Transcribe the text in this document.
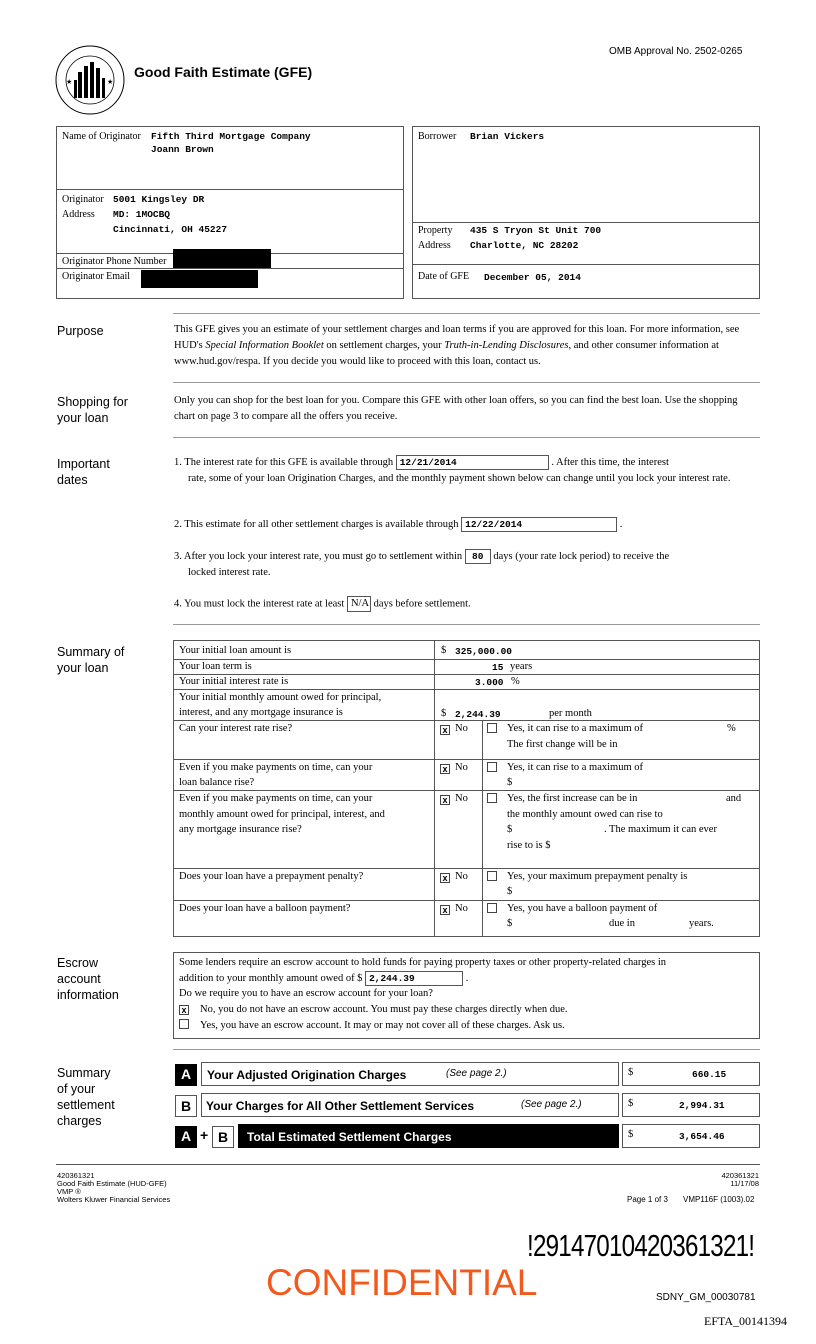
★	★
Good Faith Estimate (GFE)
OMB Approval No. 2502-0265
Name of Originator Fifth Third Mortgage Company
Joann Brown
Originator
Address
5001 Kingsley DR
MD: 1MOCBQ
Cincinnati, OH 45227
Originator Phone Number
Originator Email
Borrower Brian Vickers
Property
Address
435 S Tryon St Unit 700
Charlotte, NC 28202
Date of GFE December 05, 2014
Purpose	This GFE gives you an estimate of your settlement charges and loan terms if you are approved for this loan. For more information, see HUD's Special Information Booklet on settlement charges, your Truth-in-Lending Disclosures, and other consumer information at www.hud.gov/respa. If you decide you would like to proceed with this loan, contact us.
Shopping for
your loan
Only you can shop for the best loan for you. Compare this GFE with other loan offers, so you can find the best loan. Use the shopping chart on page 3 to compare all the offers you receive.
Important
dates
1. The interest rate for this GFE is available through 12/21/2014	. After this time, the interest
rate, some of your loan Origination Charges, and the monthly payment shown below can change until you lock your interest rate.
2. This estimate for all other settlement charges is available through 12/22/2014	.
3. After you lock your interest rate, you must go to settlement within 80 days (your rate lock period) to receive the
locked interest rate.
4. You must lock the interest rate at least N/A days before settlement.
Summary of
your loan
Your initial loan amount is	$ 325,000.00
Your loan term is	15 years
Your initial interest rate is	3.000 %
Your initial monthly amount owed for principal,
interest, and any mortgage insurance is	$ 2,244.39	per month
Can your interest rate rise?	x No	Yes, it can rise to a maximum of	%
The first change will be in
Even if you make payments on time, can your
loan balance rise?
x No	Yes, it can rise to a maximum of
$
Even if you make payments on time, can your
monthly amount owed for principal, interest, and
any mortgage insurance rise?
x No	Yes, the first increase can be in	and
the monthly amount owed can rise to
$	. The maximum it can ever
rise to is $
Does your loan have a prepayment penalty?	x No	Yes, your maximum prepayment penalty is
$
Does your loan have a balloon payment?	x No	Yes, you have a balloon payment of
$	due in	years.
Escrow
account
information
Some lenders require an escrow account to hold funds for paying property taxes or other property-related charges in
addition to your monthly amount owed of $ 2,244.39	.
Do we require you to have an escrow account for your loan?
x No, you do not have an escrow account. You must pay these charges directly when due.
Yes, you have an escrow account. It may or may not cover all of these charges. Ask us.
Summary
of your
settlement
charges
A	Your Adjusted Origination Charges	(See page 2.)	$	660.15
B	Your Charges for All Other Settlement Services	(See page 2.)	$	2,994.31
A + B	Total Estimated Settlement Charges	$	3,654.46
420361321
Good Faith Estimate (HUD-GFE)
VMP ®
Wolters Kluwer Financial Services
420361321
11/17/08
Page 1 of 3 VMP116F (1003).02
!29147010420361321!
CONFIDENTIAL	SDNY_GM_00030781
EFTA_00141394
